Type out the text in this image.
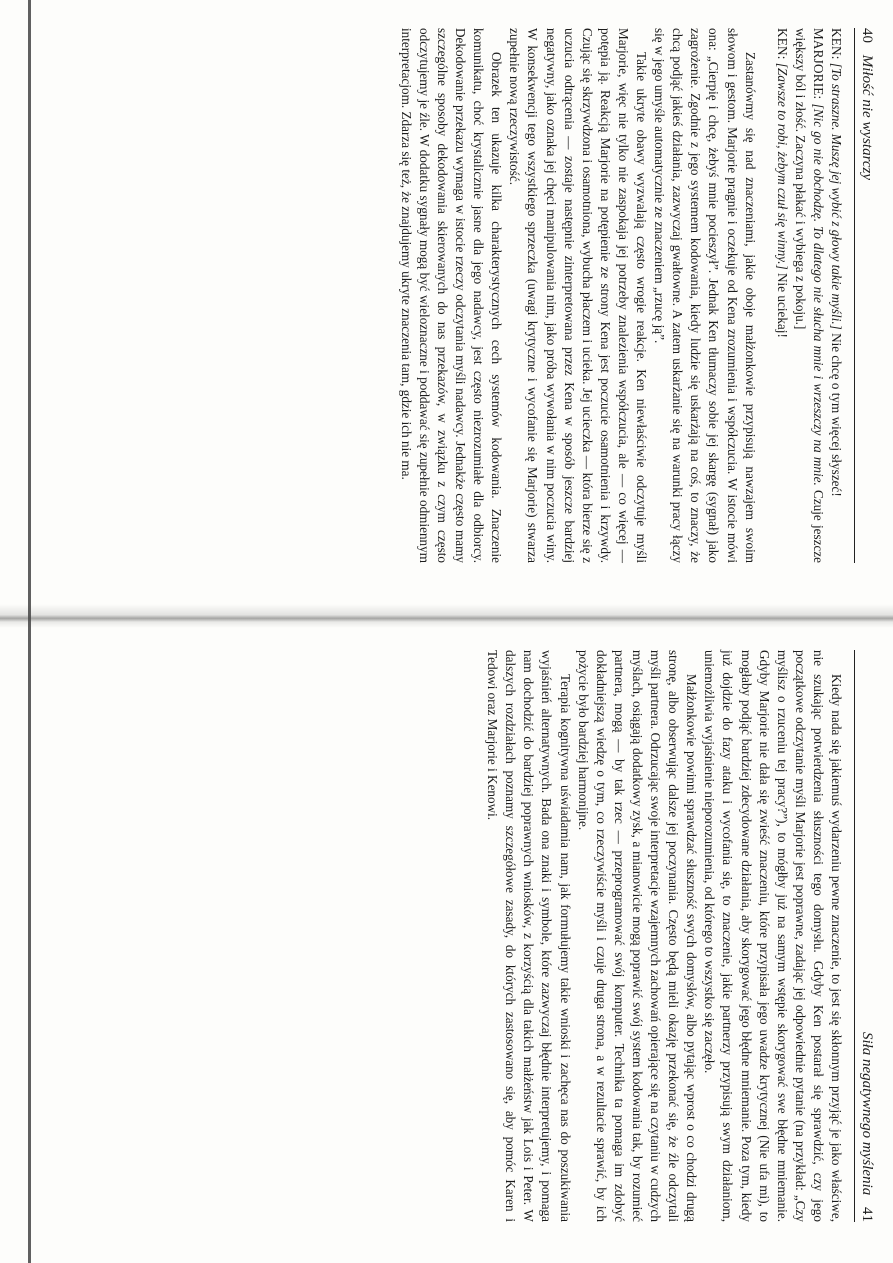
40 Miłość nie wystarczy

KEN: [To straszne. Muszę jej wybić z głowy takie myśli.] Nie chcę o tym więcej słyszeć!

MARJORIE: [Nic go nie obchodzę. To dlatego nie słucha mnie i wrzeszczy na mnie. Czuje jeszcze większy ból i złość. Zaczyna płakać i wybiega z pokoju.]

KEN: [Zawsze to robi, żebym czuł się winny.] Nie uciekaj!

Zastanówmy się nad znaczeniami, jakie oboje małżonkowie przypisują nawzajem swoim słowom i gestom. Marjorie pragnie i oczekuje od Kena zrozumienia i współczucia. W istocie mówi ona: „Cierpię i chcę, żebyś mnie pocieszył”. Jednak Ken tłumaczy sobie jej skargę (sygnał) jako zagrożenie. Zgodnie z jego systemem kodowania, kiedy ludzie się uskarżają na coś, to znaczy, że chcą podjąć jakieś działania, zazwyczaj gwałtowne. A zatem uskarżanie się na warunki pracy łączy się w jego umyśle automatycznie ze znaczeniem „rzucę ją”.

Takie ukryte obawy wyzwalają często wrogie reakcje. Ken niewłaściwie odczytuje myśli Marjorie, więc nie tylko nie zaspokaja jej potrzeby znalezienia współczucia, ale — co więcej — potępia ją. Reakcją Marjorie na potępienie ze strony Kena jest poczucie osamotnienia i krzywdy. Czując się skrzywdzona i osamotniona, wybucha płaczem i ucieka. Jej ucieczka — która bierze się z uczucia odtrącenia — zostaje następnie zinterpretowana przez Kena w sposób jeszcze bardziej negatywny, jako oznaka jej chęci manipulowania nim, jako próba wywołania w nim poczucia winy. W konsekwencji tego wszystkiego sprzeczka (uwagi krytyczne i wycofanie się Marjorie) stwarza zupełnie nową rzeczywistość.

Obrazek ten ukazuje kilka charakterystycznych cech systemów kodowania. Znaczenie komunikatu, choć krystalicznie jasne dla jego nadawcy, jest często niezrozumiałe dla odbiorcy. Dekodowanie przekazu wymaga w istocie rzeczy odczytania myśli nadawcy. Jednakże często mamy szczególne sposoby dekodowania skierowanych do nas przekazów, w związku z czym często odczytujemy je źle. W dodatku sygnały mogą być wieloznaczne i poddawać się zupełnie odmiennym interpretacjom. Zdarza się też, że znajdujemy ukryte znaczenia tam, gdzie ich nie ma.

Siła negatywnego myślenia 41

Kiedy nada się jakiemuś wydarzeniu pewne znaczenie, to jest się skłonnym przyjąć je jako właściwe, nie szukając potwierdzenia słuszności tego domysłu. Gdyby Ken postarał się sprawdzić, czy jego początkowe odczytanie myśli Marjorie jest poprawne, zadając jej odpowiednie pytanie (na przykład: „Czy myślisz o rzuceniu tej pracy?”), to mógłby już na samym wstępie skorygować swe błędne mniemanie. Gdyby Marjorie nie dała się zwieść znaczeniu, które przypisała jego uwadze krytycznej (Nie ufa mi), to mogłaby podjąć bardziej zdecydowane działania, aby skorygować jego błędne mniemanie. Poza tym, kiedy już dojdzie do fazy ataku i wycofania się, to znaczenie, jakie partnerzy przypisują swym działaniom, uniemożliwia wyjaśnienie nieporozumienia, od którego to wszystko się zaczęło.

Małżonkowie powinni sprawdzać słuszność swych domysłów, albo pytając wprost o co chodzi drugą stronę, albo obserwując dalsze jej poczynania. Często będą mieli okazję przekonać się, że źle odczytali myśli partnera. Odrzucając swoje interpretacje wzajemnych zachowań opierające się na czytaniu w cudzych myślach, osiągają dodatkowy zysk, a mianowicie mogą poprawić swój system kodowania tak, by rozumieć partnera, mogą — by tak rzec — przeprogramować swój komputer. Technika ta pomaga im zdobyć dokładniejszą wiedzę o tym, co rzeczywiście myśli i czuje druga strona, a w rezultacie sprawić, by ich pożycie było bardziej harmonijne.

Terapia kognitywna uświadamia nam, jak formułujemy takie wnioski i zachęca nas do poszukiwania wyjaśnień alternatywnych. Bada ona znaki i symbole, które zazwyczaj błędnie interpretujemy, i pomaga nam dochodzić do bardziej poprawnych wniosków, z korzyścią dla takich małżeństw jak Lois i Peter. W dalszych rozdziałach poznamy szczegółowe zasady, do których zastosowano się, aby pomóc Karen i Tedowi oraz Marjorie i Kenowi.
